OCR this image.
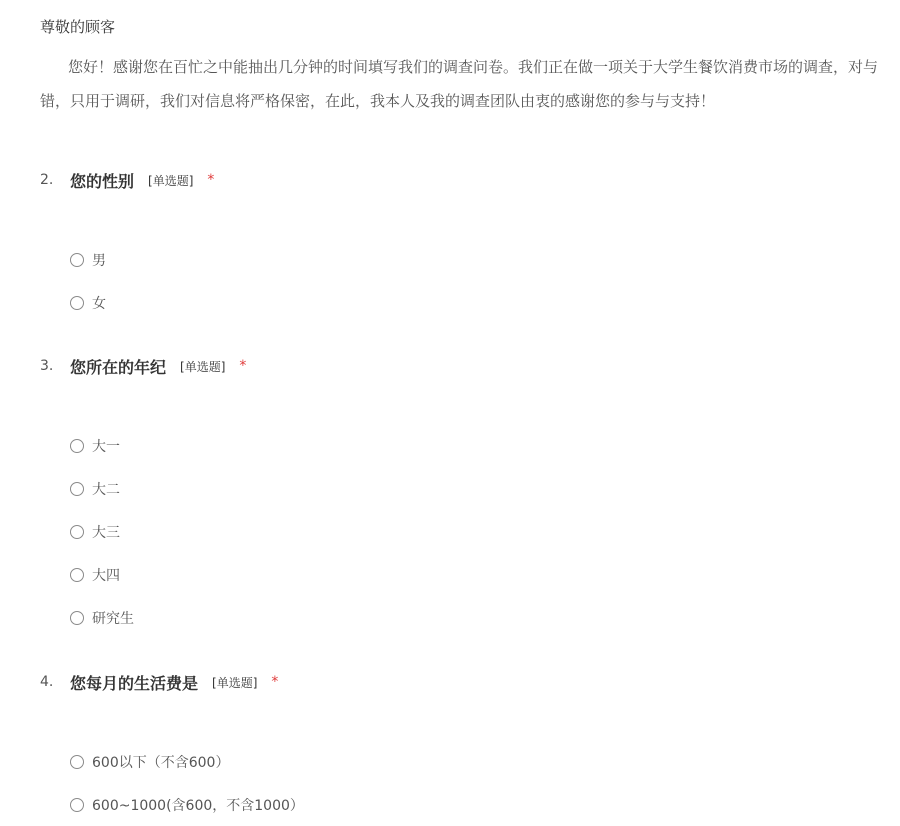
尊敬的顾客
您好！感谢您在百忙之中能抽出几分钟的时间填写我们的调查问卷。我们正在做一项关于大学生餐饮消费市场的调查，对与错，只用于调研，我们对信息将严格保密，在此，我本人及我的调查团队由衷的感谢您的参与与支持！
2.	您的性别 [单选题] *
男
女
3.	您所在的年纪 [单选题] *
大一
大二
大三
大四
研究生
4.	您每月的生活费是 [单选题] *
600以下（不含600）
600~1000(含600，不含1000）
